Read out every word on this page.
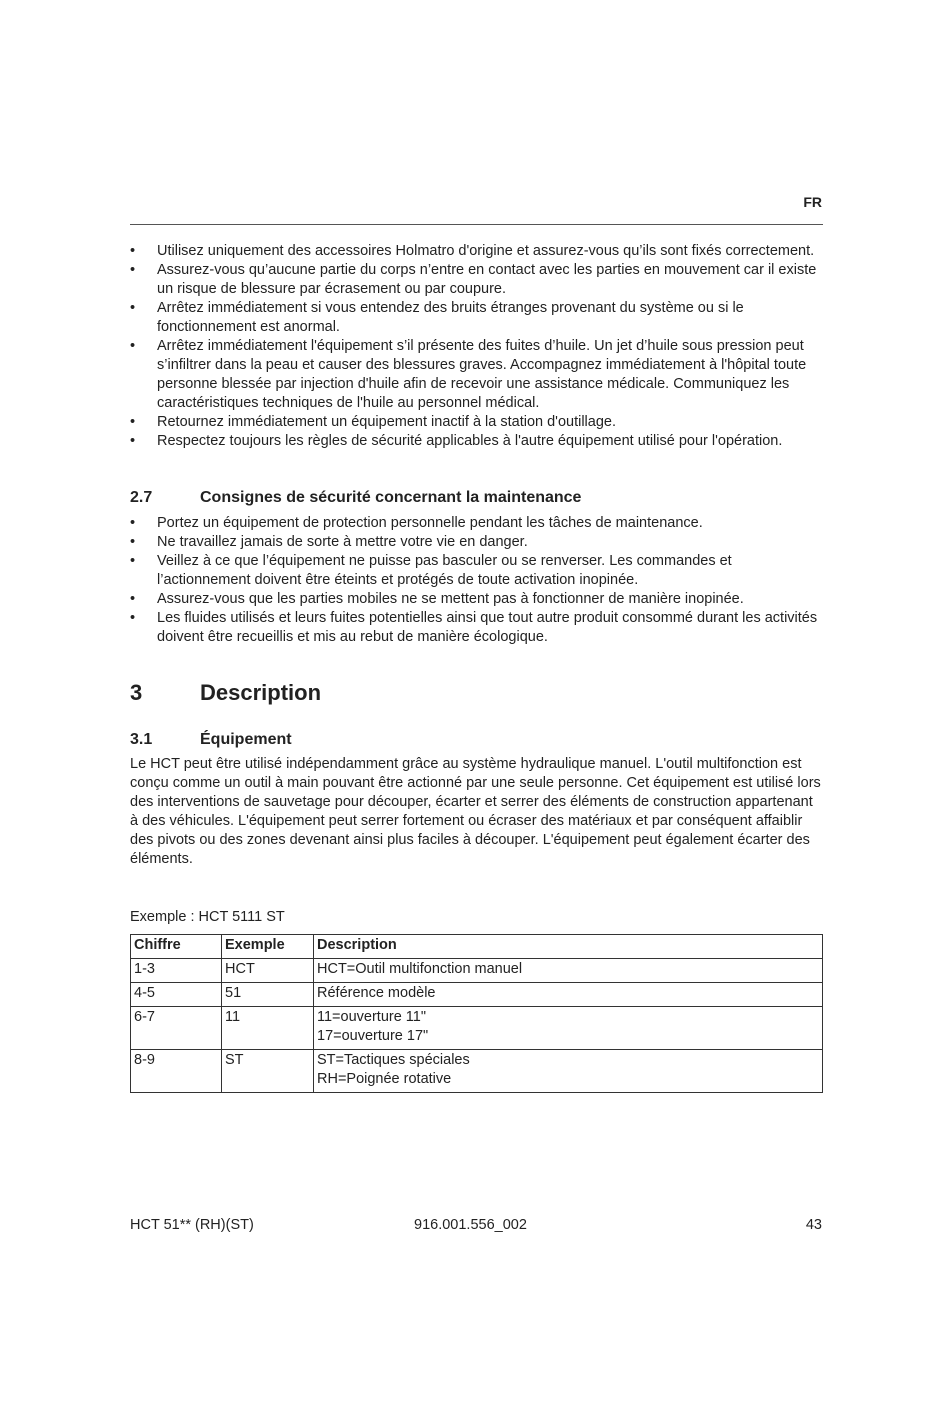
FR
•	Utilisez uniquement des accessoires Holmatro d'origine et assurez-vous qu’ils sont fixés correctement.
•	Assurez-vous qu’aucune partie du corps n’entre en contact avec les parties en mouvement car il existe un risque de blessure par écrasement ou par coupure.
•	Arrêtez immédiatement si vous entendez des bruits étranges provenant du système ou si le fonctionnement est anormal.
•	Arrêtez immédiatement l'équipement s’il présente des fuites d’huile. Un jet d’huile sous pression peut s’infiltrer dans la peau et causer des blessures graves. Accompagnez immédiatement à l'hôpital toute personne blessée par injection d'huile afin de recevoir une assistance médicale. Communiquez les caractéristiques techniques de l'huile au personnel médical.
•	Retournez immédiatement un équipement inactif à la station d'outillage.
•	Respectez toujours les règles de sécurité applicables à l'autre équipement utilisé pour l'opération.
2.7	Consignes de sécurité concernant la maintenance
•	Portez un équipement de protection personnelle pendant les tâches de maintenance.
•	Ne travaillez jamais de sorte à mettre votre vie en danger.
•	Veillez à ce que l’équipement ne puisse pas basculer ou se renverser. Les commandes et l’actionnement doivent être éteints et protégés de toute activation inopinée.
•	Assurez-vous que les parties mobiles ne se mettent pas à fonctionner de manière inopinée.
•	Les fluides utilisés et leurs fuites potentielles ainsi que tout autre produit consommé durant les activités doivent être recueillis et mis au rebut de manière écologique.
3	Description
3.1	Équipement

Le HCT peut être utilisé indépendamment grâce au système hydraulique manuel. L'outil multifonction est conçu comme un outil à main pouvant être actionné par une seule personne. Cet équipement est utilisé lors des interventions de sauvetage pour découper, écarter et serrer des éléments de construction appartenant à des véhicules. L'équipement peut serrer fortement ou écraser des matériaux et par conséquent affaiblir des pivots ou des zones devenant ainsi plus faciles à découper. L'équipement peut également écarter des éléments.

Exemple : HCT 5111 ST

Chiffre	Exemple	Description
1-3	HCT	HCT=Outil multifonction manuel

4-5	51	Référence modèle

6-7	11	11=ouverture 11"
17=ouverture 17"

8-9	ST	ST=Tactiques spéciales
RH=Poignée rotative
HCT 51** (RH)(ST)	916.001.556_002	43
